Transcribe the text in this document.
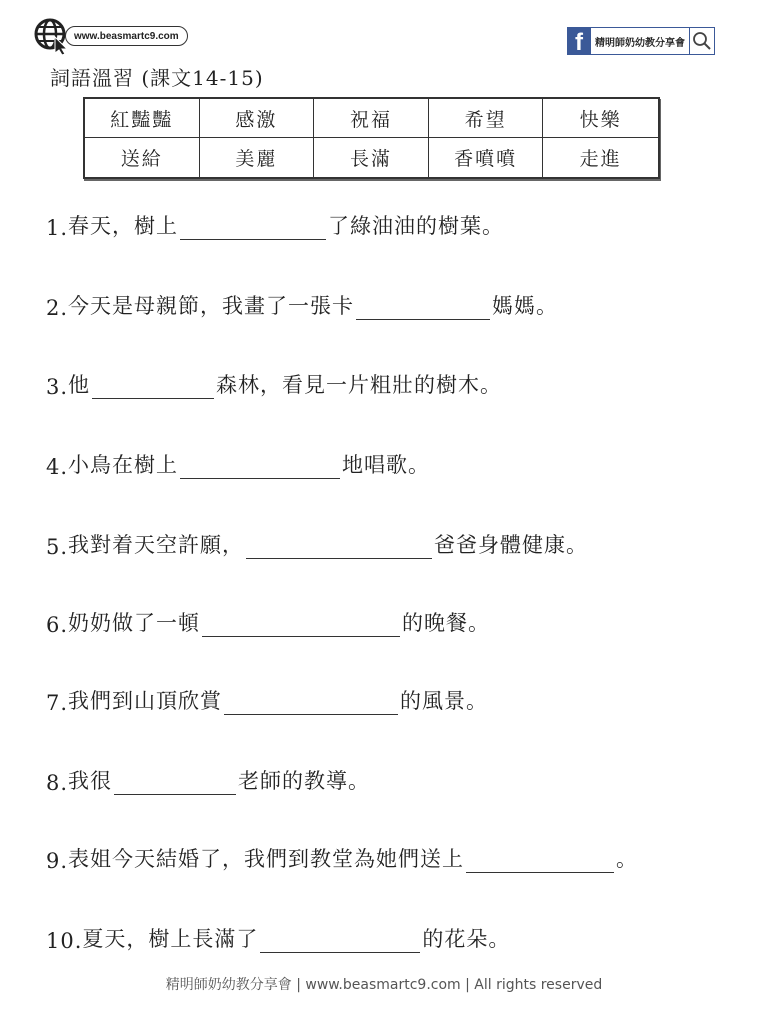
www.beasmartc9.com	f	精明師奶幼教分享會
詞語溫習 (課文14-15)
紅豔豔	感激	祝福	希望	快樂
送給	美麗	長滿	香噴噴	走進
1. 春天，樹上	了綠油油的樹葉。
2. 今天是母親節，我畫了一張卡	媽媽。
3. 他	森林，看見一片粗壯的樹木。
4. 小鳥在樹上	地唱歌。
5. 我對着天空許願，	爸爸身體健康。
6. 奶奶做了一頓	的晚餐。
7. 我們到山頂欣賞	的風景。
8. 我很	老師的教導。
9. 表姐今天結婚了，我們到教堂為她們送上	。
10. 夏天，樹上長滿了	的花朵。
精明師奶幼教分享會 | www.beasmartc9.com | All rights reserved
